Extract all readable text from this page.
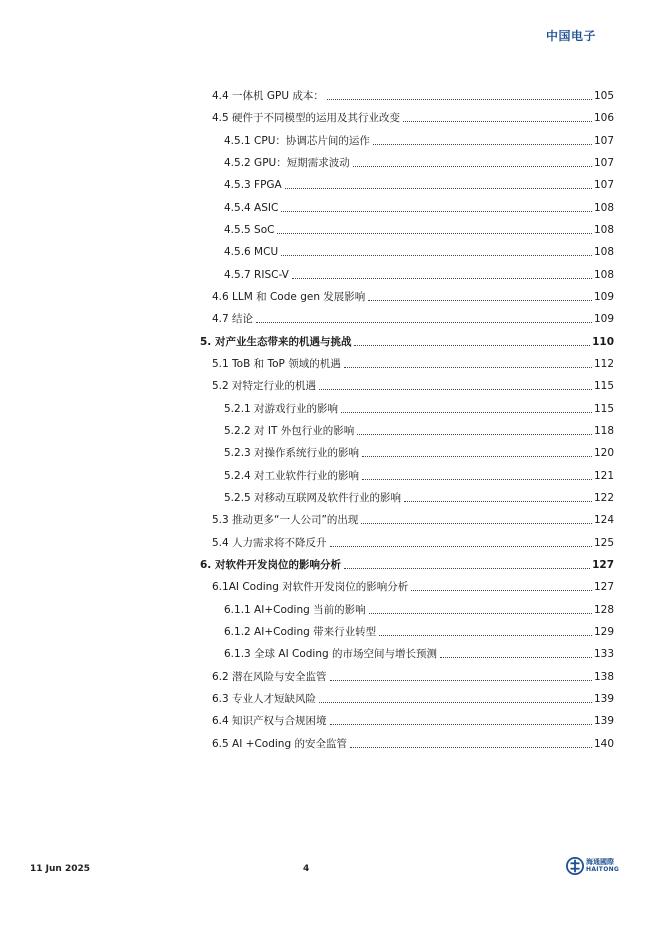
中国电子
4.4 一体机 GPU 成本：	105
4.5 硬件于不同模型的运用及其行业改变	106
4.5.1 CPU：协调芯片间的运作	107
4.5.2 GPU：短期需求波动	107
4.5.3 FPGA	107
4.5.4 ASIC	108
4.5.5 SoC	108
4.5.6 MCU	108
4.5.7 RISC-V	108
4.6 LLM 和 Code gen 发展影响	109
4.7 结论	109
5. 对产业生态带来的机遇与挑战	110
5.1 ToB 和 ToP 领域的机遇	112
5.2 对特定行业的机遇	115
5.2.1 对游戏行业的影响	115
5.2.2 对 IT 外包行业的影响	118
5.2.3 对操作系统行业的影响	120
5.2.4 对工业软件行业的影响	121
5.2.5 对移动互联网及软件行业的影响	122
5.3 推动更多“一人公司”的出现	124
5.4 人力需求将不降反升	125
6. 对软件开发岗位的影响分析	127
6.1AI Coding 对软件开发岗位的影响分析	127
6.1.1 AI+Coding 当前的影响	128
6.1.2 AI+Coding 带来行业转型	129
6.1.3 全球 AI Coding 的市场空间与增长预测	133
6.2 潜在风险与安全监管	138
6.3 专业人才短缺风险	139
6.4 知识产权与合规困境	139
6.5 AI +Coding 的安全监管	140
11 Jun 2025	4
海通國際
HAITONG
